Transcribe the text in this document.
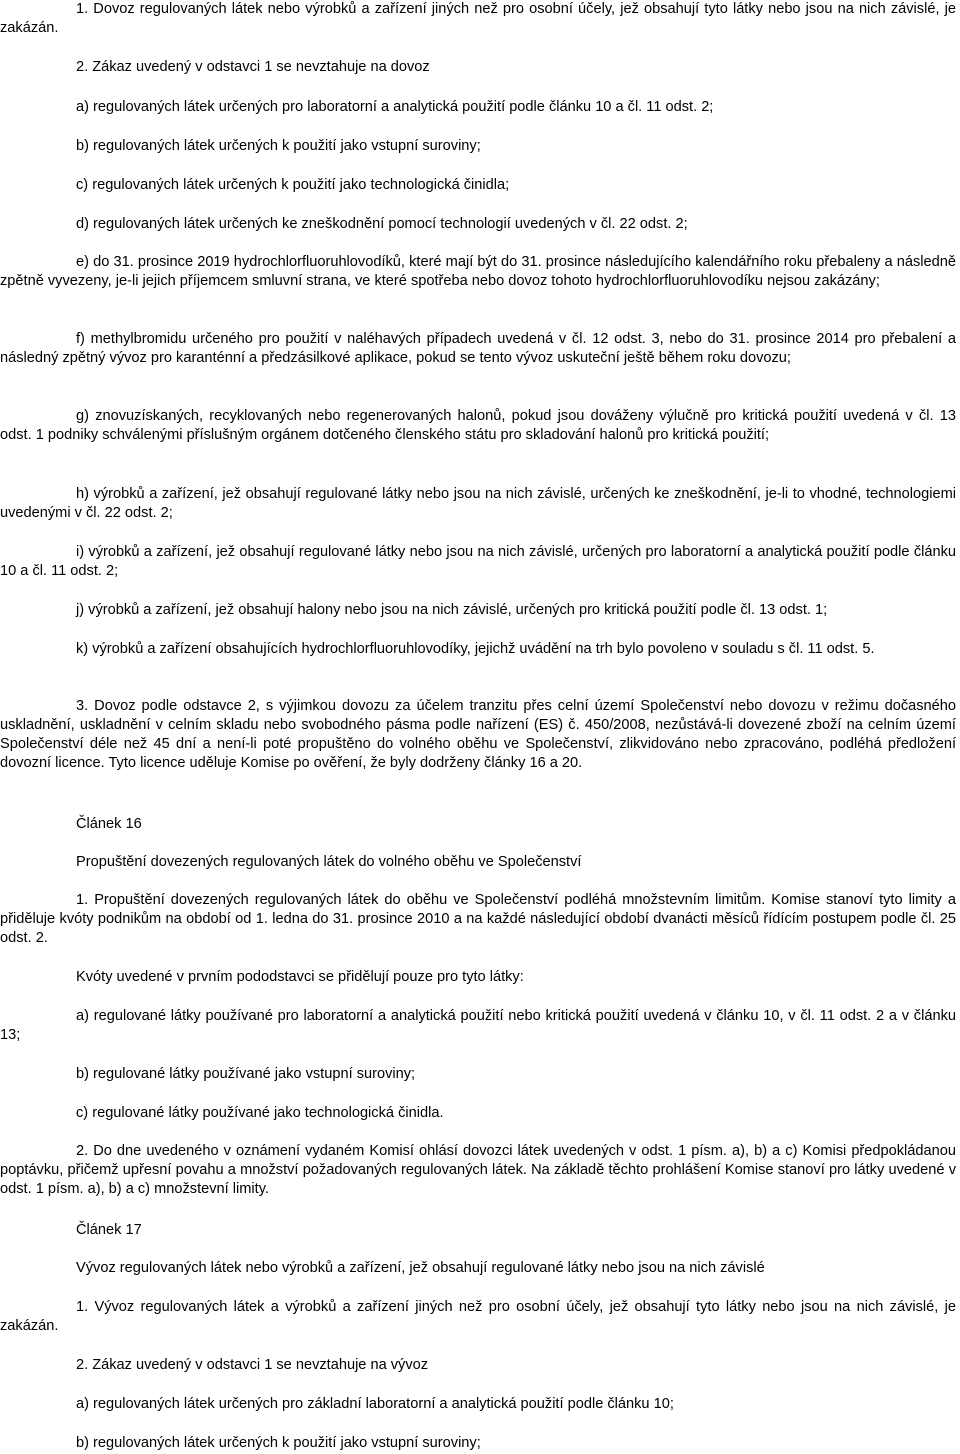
1. Dovoz regulovaných látek nebo výrobků a zařízení jiných než pro osobní účely, jež obsahují tyto látky nebo jsou na nich závislé, je zakázán.

2. Zákaz uvedený v odstavci 1 se nevztahuje na dovoz

a) regulovaných látek určených pro laboratorní a analytická použití podle článku 10 a čl. 11 odst. 2;

b) regulovaných látek určených k použití jako vstupní suroviny;

c) regulovaných látek určených k použití jako technologická činidla;

d) regulovaných látek určených ke zneškodnění pomocí technologií uvedených v čl. 22 odst. 2;

e) do 31. prosince 2019 hydrochlorfluoruhlovodíků, které mají být do 31. prosince následujícího kalendářního roku přebaleny a následně zpětně vyvezeny, je-li jejich příjemcem smluvní strana, ve které spotřeba nebo dovoz tohoto hydrochlorfluoruhlovodíku nejsou zakázány;

f) methylbromidu určeného pro použití v naléhavých případech uvedená v čl. 12 odst. 3, nebo do 31. prosince 2014 pro přebalení a následný zpětný vývoz pro karanténní a předzásilkové aplikace, pokud se tento vývoz uskuteční ještě během roku dovozu;

g) znovuzískaných, recyklovaných nebo regenerovaných halonů, pokud jsou dováženy výlučně pro kritická použití uvedená v čl. 13 odst. 1 podniky schválenými příslušným orgánem dotčeného členského státu pro skladování halonů pro kritická použití;

h) výrobků a zařízení, jež obsahují regulované látky nebo jsou na nich závislé, určených ke zneškodnění, je-li to vhodné, technologiemi uvedenými v čl. 22 odst. 2;

i) výrobků a zařízení, jež obsahují regulované látky nebo jsou na nich závislé, určených pro laboratorní a analytická použití podle článku 10 a čl. 11 odst. 2;

j) výrobků a zařízení, jež obsahují halony nebo jsou na nich závislé, určených pro kritická použití podle čl. 13 odst. 1;

k) výrobků a zařízení obsahujících hydrochlorfluoruhlovodíky, jejichž uvádění na trh bylo povoleno v souladu s čl. 11 odst. 5.

3. Dovoz podle odstavce 2, s výjimkou dovozu za účelem tranzitu přes celní území Společenství nebo dovozu v režimu dočasného uskladnění, uskladnění v celním skladu nebo svobodného pásma podle nařízení (ES) č. 450/2008, nezůstává-li dovezené zboží na celním území Společenství déle než 45 dní a není-li poté propuštěno do volného oběhu ve Společenství, zlikvidováno nebo zpracováno, podléhá předložení dovozní licence. Tyto licence uděluje Komise po ověření, že byly dodrženy články 16 a 20.

Článek 16

Propuštění dovezených regulovaných látek do volného oběhu ve Společenství

1. Propuštění dovezených regulovaných látek do oběhu ve Společenství podléhá množstevním limitům. Komise stanoví tyto limity a přiděluje kvóty podnikům na období od 1. ledna do 31. prosince 2010 a na každé následující období dvanácti měsíců řídícím postupem podle čl. 25 odst. 2.

Kvóty uvedené v prvním pododstavci se přidělují pouze pro tyto látky:

a) regulované látky používané pro laboratorní a analytická použití nebo kritická použití uvedená v článku 10, v čl. 11 odst. 2 a v článku 13;

b) regulované látky používané jako vstupní suroviny;

c) regulované látky používané jako technologická činidla.

2. Do dne uvedeného v oznámení vydaném Komisí ohlásí dovozci látek uvedených v odst. 1 písm. a), b) a c) Komisi předpokládanou poptávku, přičemž upřesní povahu a množství požadovaných regulovaných látek. Na základě těchto prohlášení Komise stanoví pro látky uvedené v odst. 1 písm. a), b) a c) množstevní limity.

Článek 17

Vývoz regulovaných látek nebo výrobků a zařízení, jež obsahují regulované látky nebo jsou na nich závislé

1. Vývoz regulovaných látek a výrobků a zařízení jiných než pro osobní účely, jež obsahují tyto látky nebo jsou na nich závislé, je zakázán.

2. Zákaz uvedený v odstavci 1 se nevztahuje na vývoz

a) regulovaných látek určených pro základní laboratorní a analytická použití podle článku 10;

b) regulovaných látek určených k použití jako vstupní suroviny;
